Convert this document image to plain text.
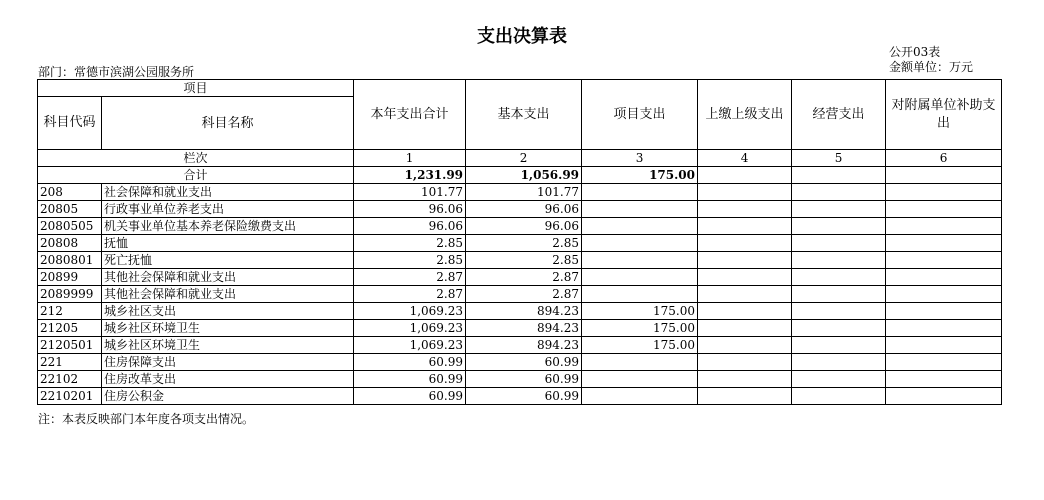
支出决算表
部门：常德市滨湖公园服务所
公开03表
金额单位：万元
项目		本年支出合计	基本支出	项目支出	上缴上级支出	经营支出	对附属单位补助支出
科目代码	科目名称						
栏次		1	2	3	4	5	6
合计		1,231.99	1,056.99	175.00			
208	社会保障和就业支出	101.77	101.77				
20805	行政事业单位养老支出	96.06	96.06				
2080505	机关事业单位基本养老保险缴费支出	96.06	96.06				
20808	抚恤	2.85	2.85				
2080801	死亡抚恤	2.85	2.85				
20899	其他社会保障和就业支出	2.87	2.87				
2089999	其他社会保障和就业支出	2.87	2.87				
212	城乡社区支出	1,069.23	894.23	175.00			
21205	城乡社区环境卫生	1,069.23	894.23	175.00			
2120501	城乡社区环境卫生	1,069.23	894.23	175.00			
221	住房保障支出	60.99	60.99				
22102	住房改革支出	60.99	60.99				
2210201	住房公积金	60.99	60.99				
注：本表反映部门本年度各项支出情况。
